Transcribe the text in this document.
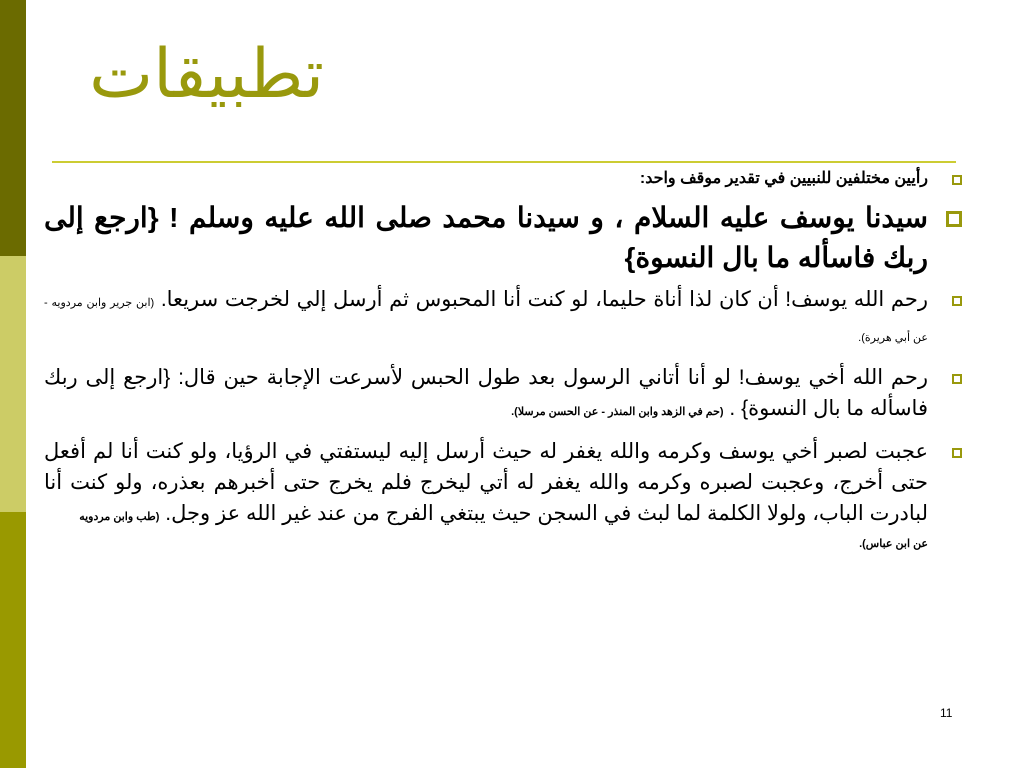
تطبيقات
رأيين مختلفين للنبيين في تقدير موقف واحد:
سيدنا يوسف عليه السلام ، و سيدنا محمد صلى الله عليه وسلم ! {ارجع إلى ربك فاسأله ما بال النسوة}
رحم الله يوسف! أن كان لذا أناة حليما، لو كنت أنا المحبوس ثم أرسل إلي لخرجت سريعا. (ابن جرير وابن مردويه - عن أبي هريرة).
رحم الله أخي يوسف! لو أنا أتاني الرسول بعد طول الحبس لأسرعت الإجابة حين قال: {ارجع إلى ربك فاسأله ما بال النسوة} . (حم في الزهد وابن المنذر - عن الحسن مرسلا).
عجبت لصبر أخي يوسف وكرمه والله يغفر له حيث أرسل إليه ليستفتي في الرؤيا، ولو كنت أنا لم أفعل حتى أخرج، وعجبت لصبره وكرمه والله يغفر له أتي ليخرج فلم يخرج حتى أخبرهم بعذره، ولو كنت أنا لبادرت الباب، ولولا الكلمة لما لبث في السجن حيث يبتغي الفرج من عند غير الله عز وجل. (طب وابن مردويه
عن ابن عباس).
11
